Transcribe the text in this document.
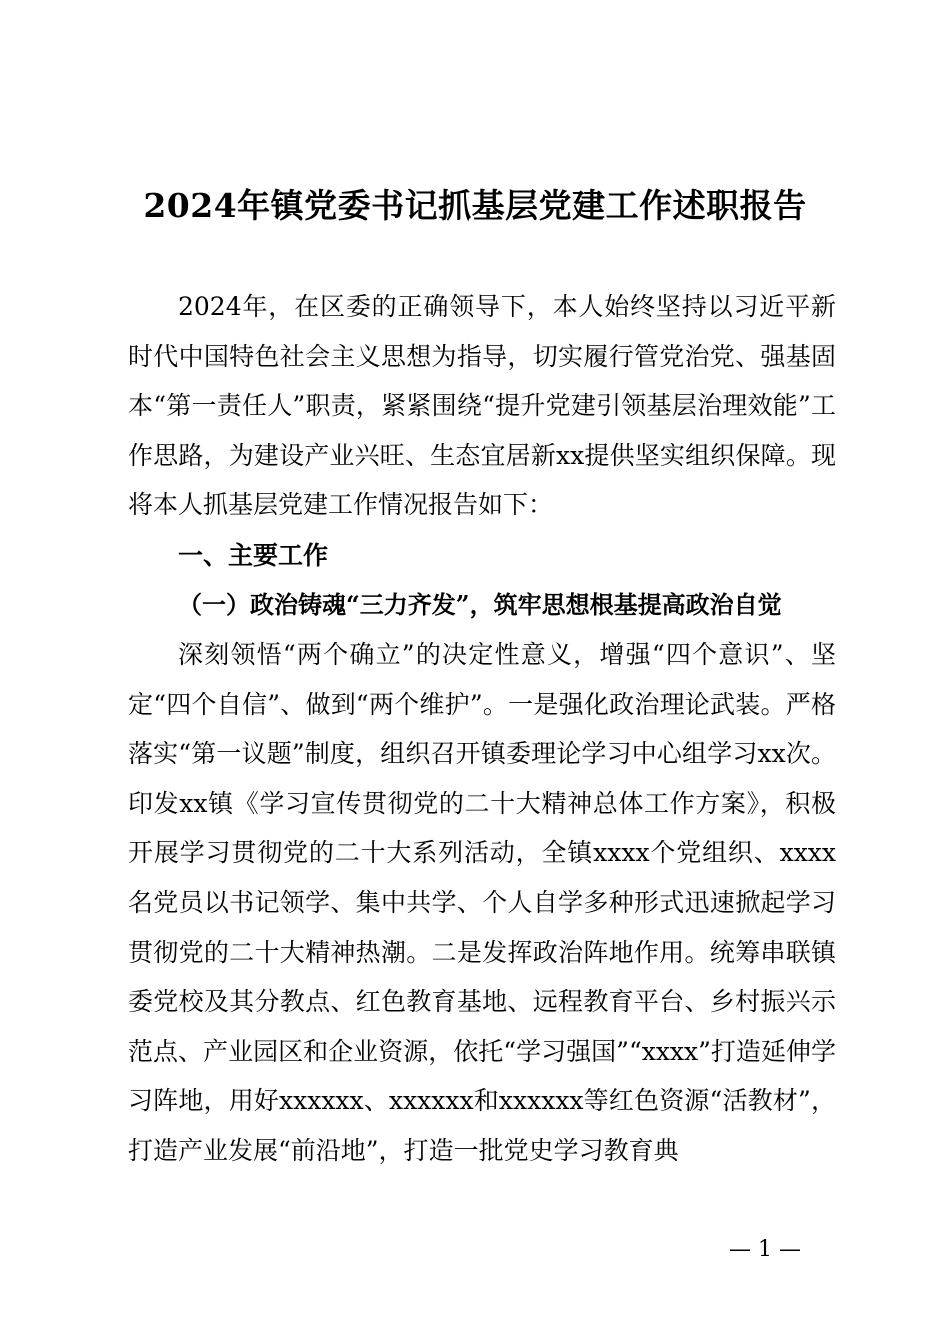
2024年镇党委书记抓基层党建工作述职报告

2024年，在区委的正确领导下，本人始终坚持以习近平新时代中国特色社会主义思想为指导，切实履行管党治党、强基固本“第一责任人”职责，紧紧围绕“提升党建引领基层治理效能”工作思路，为建设产业兴旺、生态宜居新xx提供坚实组织保障。现将本人抓基层党建工作情况报告如下：

一、主要工作
（一）政治铸魂“三力齐发”，筑牢思想根基提高政治自觉

深刻领悟“两个确立”的决定性意义，增强“四个意识”、坚定“四个自信”、做到“两个维护”。一是强化政治理论武装。严格落实“第一议题”制度，组织召开镇委理论学习中心组学习xx次。印发xx镇《学习宣传贯彻党的二十大精神总体工作方案》，积极开展学习贯彻党的二十大系列活动，全镇xxxx个党组织、xxxx名党员以书记领学、集中共学、个人自学多种形式迅速掀起学习贯彻党的二十大精神热潮。二是发挥政治阵地作用。统筹串联镇委党校及其分教点、红色教育基地、远程教育平台、乡村振兴示范点、产业园区和企业资源，依托“学习强国”“xxxx”打造延伸学习阵地，用好xxxxxx、xxxxxx和xxxxxx等红色资源“活教材”，打造产业发展“前沿地”，打造一批党史学习教育典

— 1 —
